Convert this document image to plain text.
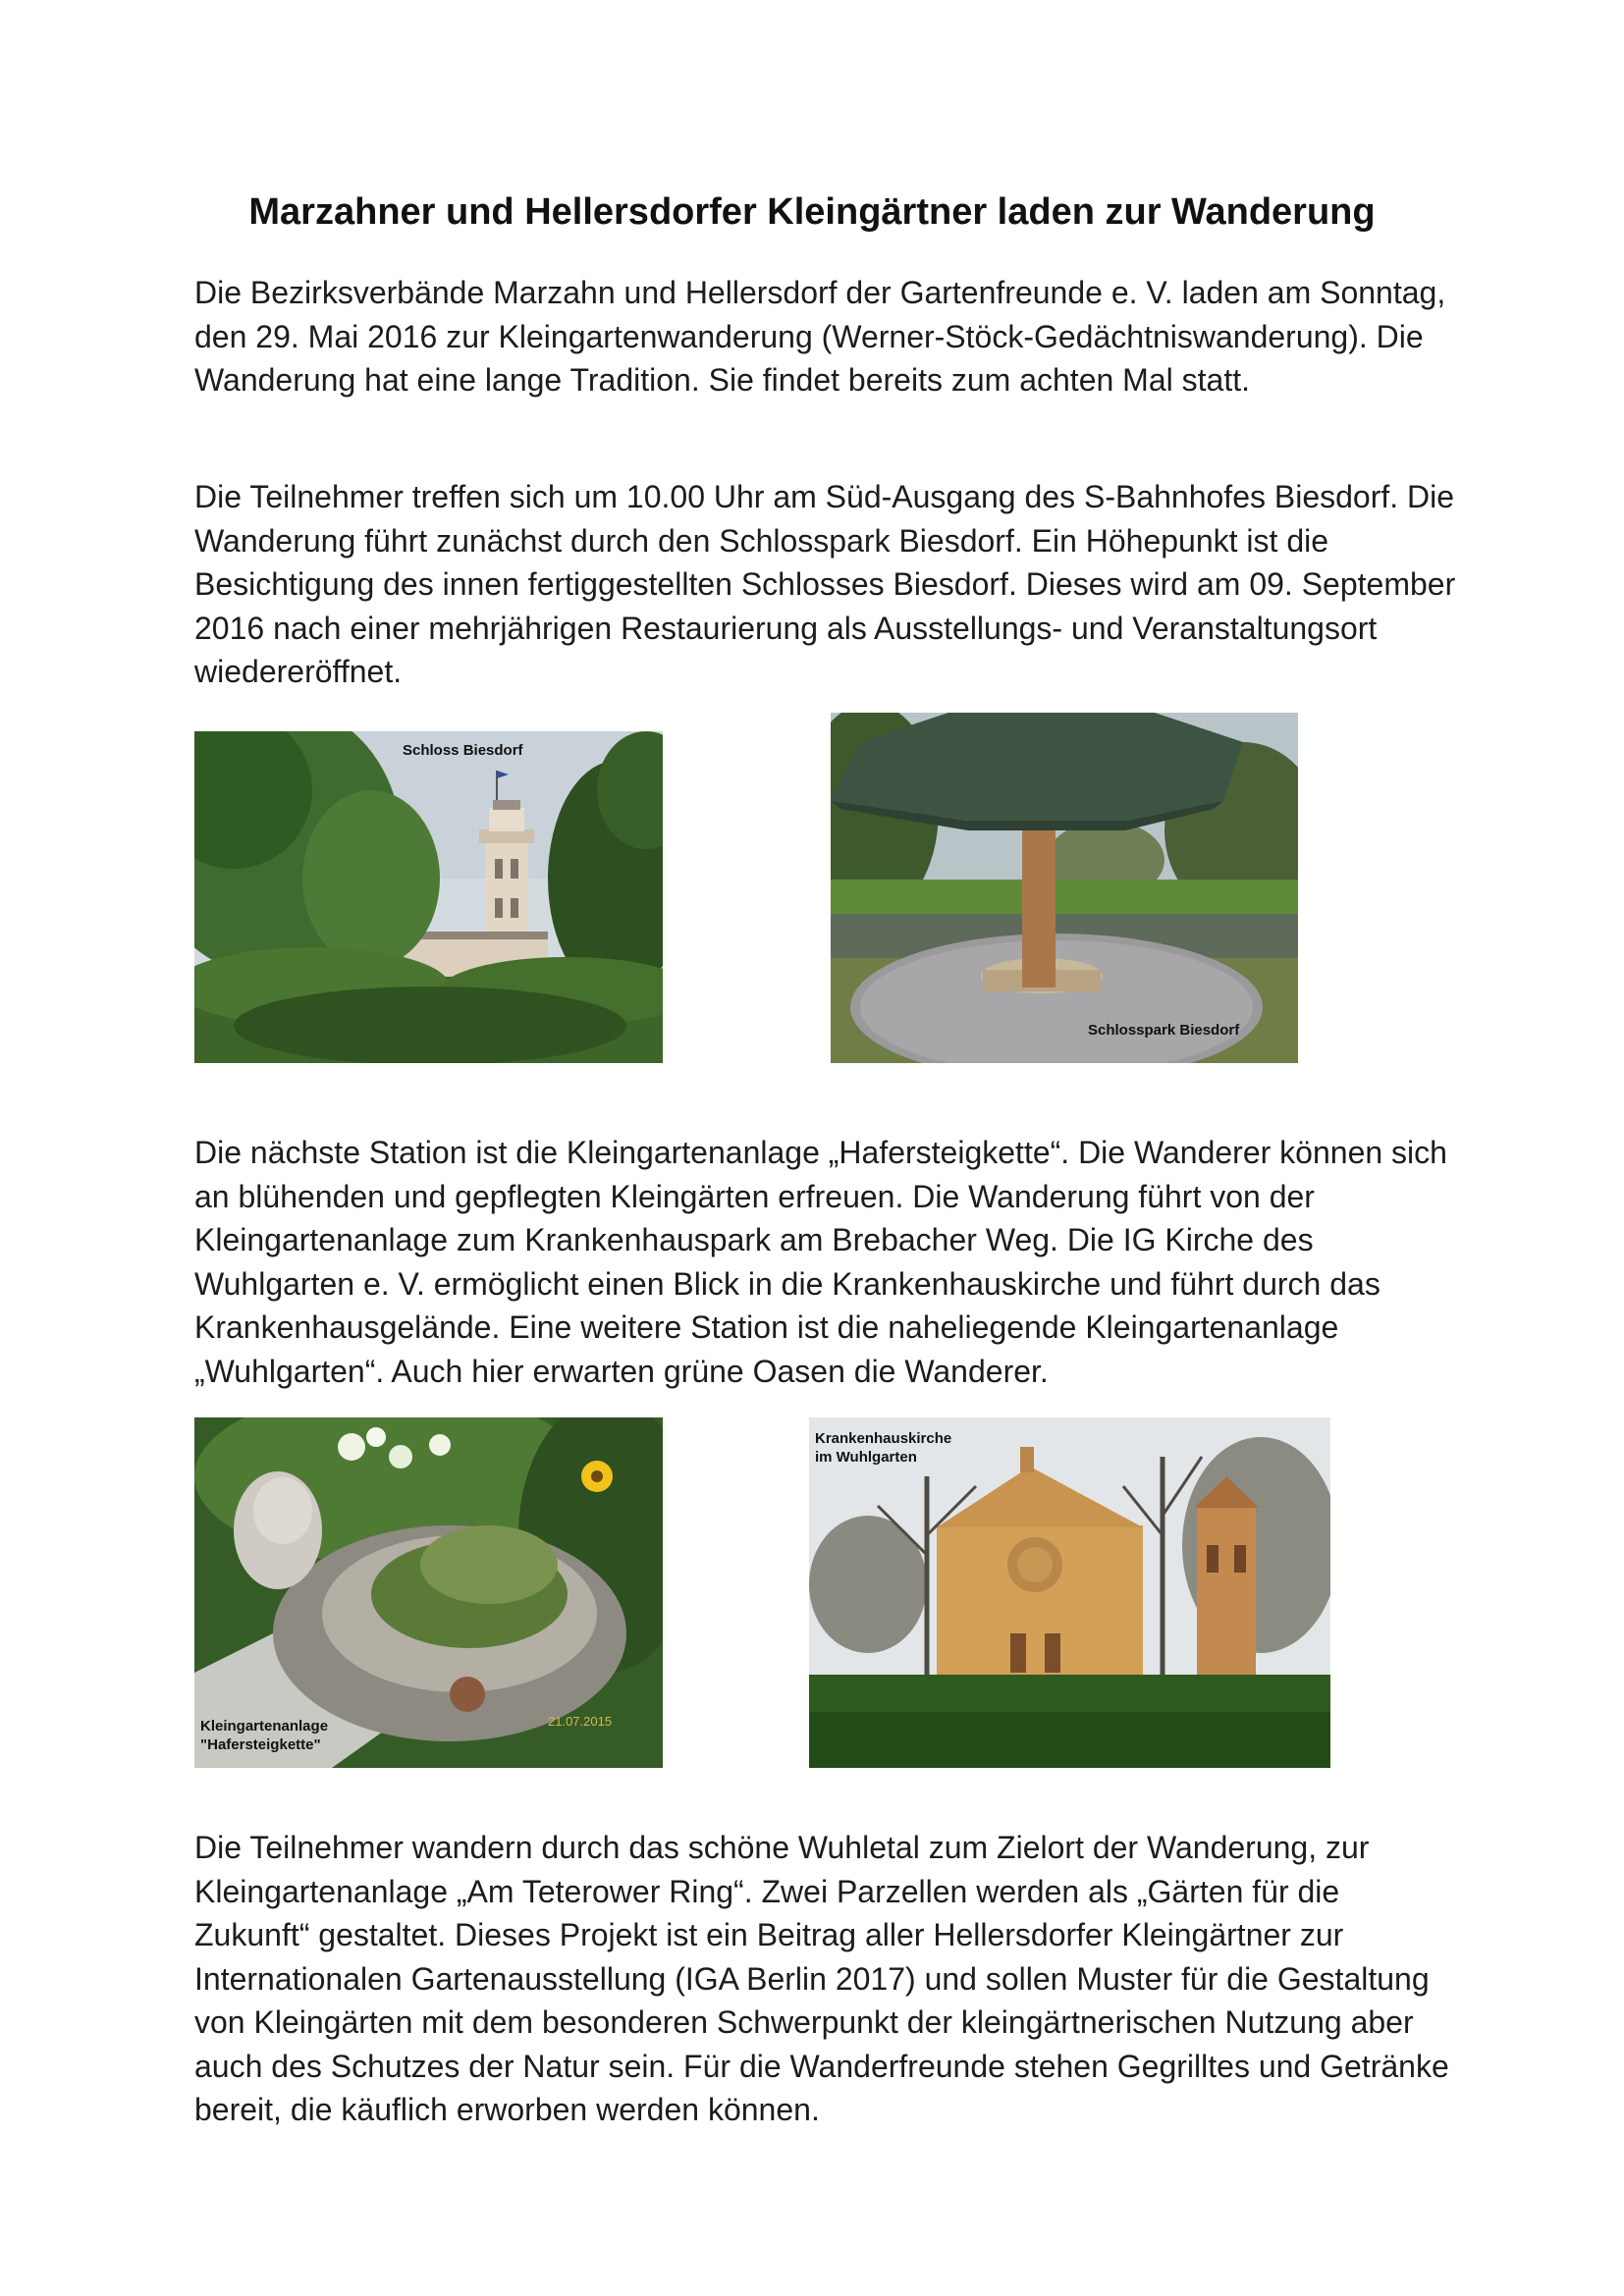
Marzahner und Hellersdorfer Kleingärtner laden zur Wanderung

Die Bezirksverbände Marzahn und Hellersdorf der Gartenfreunde e. V. laden am Sonntag, den 29. Mai 2016 zur Kleingartenwanderung (Werner-Stöck-Gedächtniswanderung). Die Wanderung hat eine lange Tradition. Sie findet bereits zum achten Mal statt.

Die Teilnehmer treffen sich um 10.00 Uhr am Süd-Ausgang des S-Bahnhofes Biesdorf. Die Wanderung führt zunächst durch den Schlosspark Biesdorf. Ein Höhepunkt ist die Besichtigung des innen fertiggestellten Schlosses Biesdorf. Dieses wird am 09. September 2016 nach einer mehrjährigen Restaurierung als Ausstellungs- und Veranstaltungsort wiedereröffnet.

Schloss Biesdorf
Schlosspark Biesdorf

Die nächste Station ist die Kleingartenanlage „Hafersteigkette“. Die Wanderer können sich an blühenden und gepflegten Kleingärten erfreuen. Die Wanderung führt von der Kleingartenanlage zum Krankenhauspark am Brebacher Weg. Die IG Kirche des Wuhlgarten e. V. ermöglicht einen Blick in die Krankenhauskirche und führt durch das Krankenhausgelände. Eine weitere Station ist die naheliegende Kleingartenanlage „Wuhlgarten“. Auch hier erwarten grüne Oasen die Wanderer.

Kleingartenanlage
"Hafersteigkette"
21.07.2015
Krankenhauskirche
im Wuhlgarten

Die Teilnehmer wandern durch das schöne Wuhletal zum Zielort der Wanderung, zur Kleingartenanlage „Am Teterower Ring“. Zwei Parzellen werden als „Gärten für die Zukunft“ gestaltet. Dieses Projekt ist ein Beitrag aller Hellersdorfer Kleingärtner zur Internationalen Gartenausstellung (IGA Berlin 2017) und sollen Muster für die Gestaltung von Kleingärten mit dem besonderen Schwerpunkt der kleingärtnerischen Nutzung aber auch des Schutzes der Natur sein. Für die Wanderfreunde stehen Gegrilltes und Getränke bereit, die käuflich erworben werden können.
